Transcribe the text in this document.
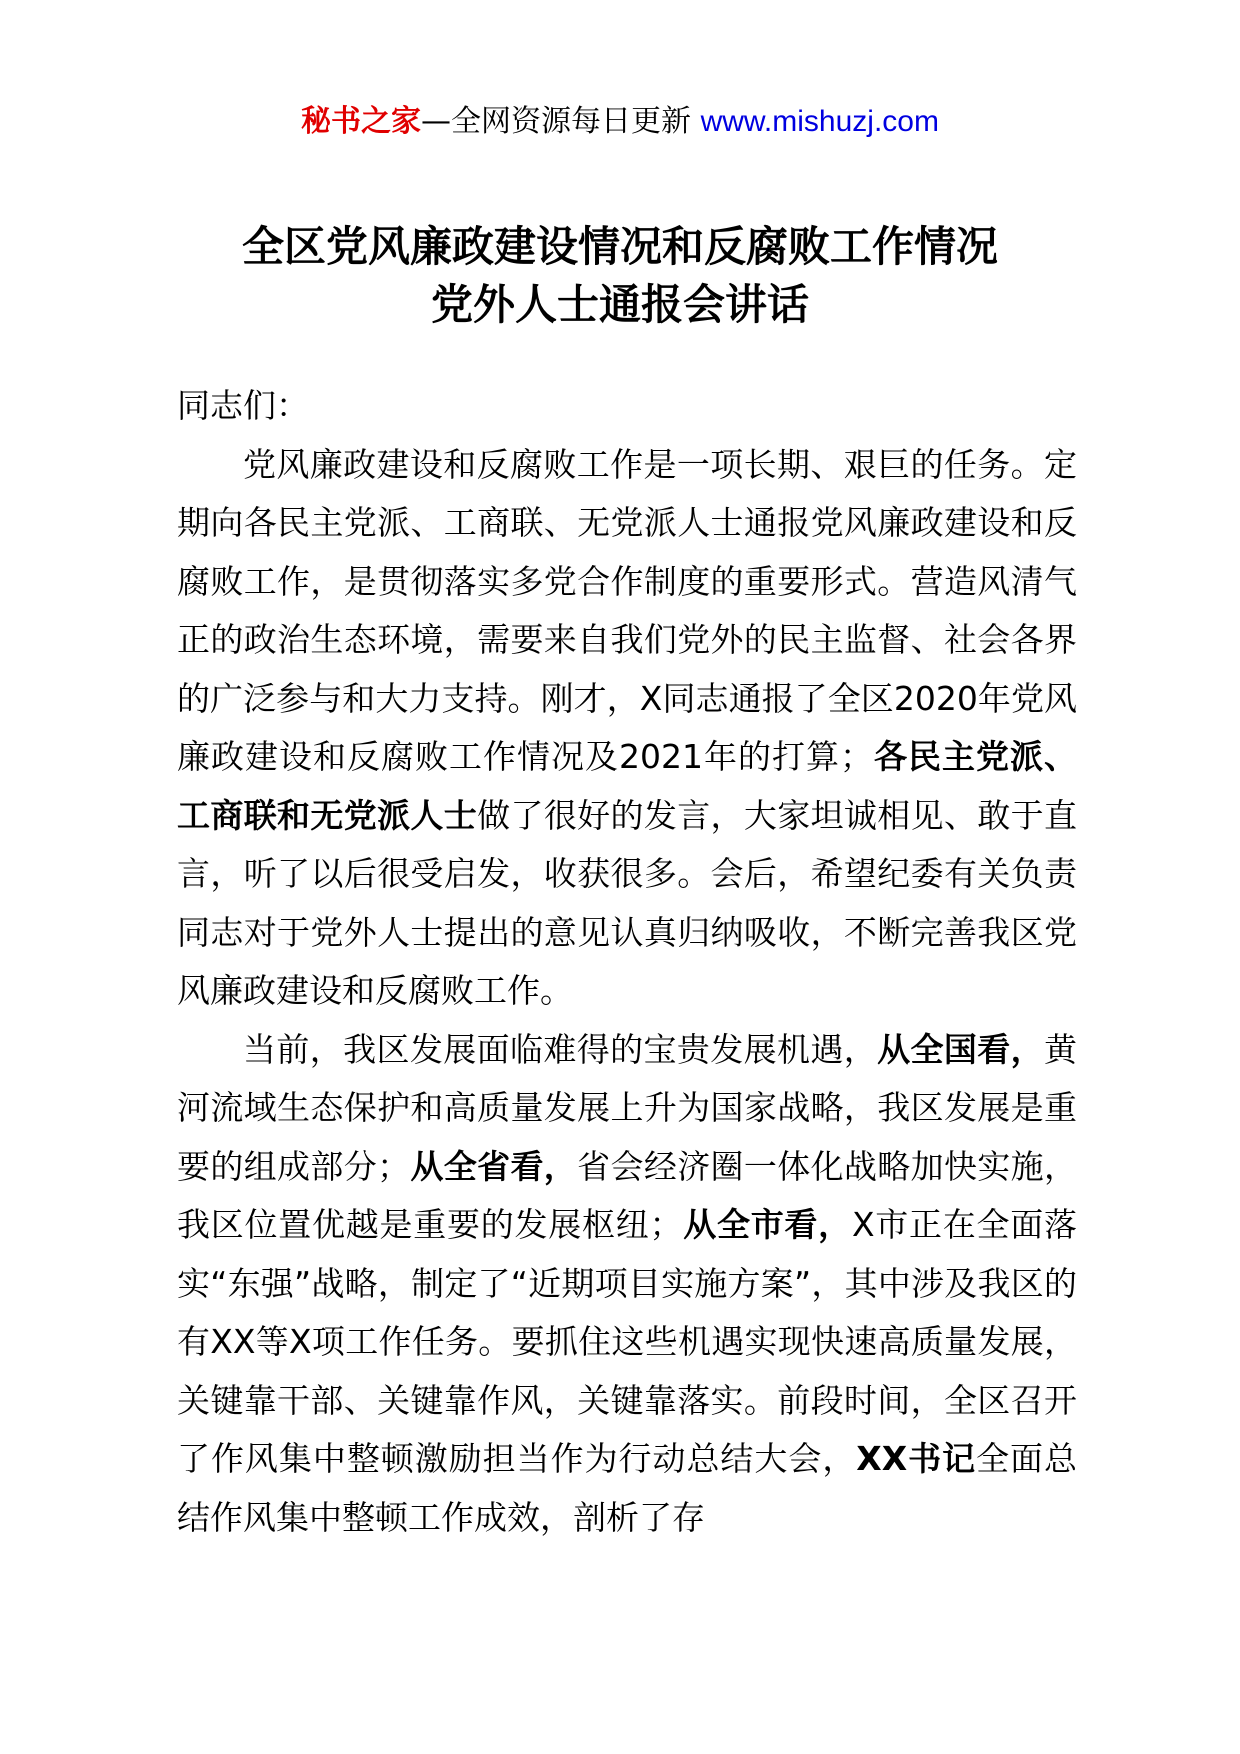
秘书之家—全网资源每日更新 www.mishuzj.com
全区党风廉政建设情况和反腐败工作情况
党外人士通报会讲话

同志们：

党风廉政建设和反腐败工作是一项长期、艰巨的任务。定期向各民主党派、工商联、无党派人士通报党风廉政建设和反腐败工作，是贯彻落实多党合作制度的重要形式。营造风清气正的政治生态环境，需要来自我们党外的民主监督、社会各界的广泛参与和大力支持。刚才，X同志通报了全区2020年党风廉政建设和反腐败工作情况及2021年的打算；各民主党派、工商联和无党派人士做了很好的发言，大家坦诚相见、敢于直言，听了以后很受启发，收获很多。会后，希望纪委有关负责同志对于党外人士提出的意见认真归纳吸收，不断完善我区党风廉政建设和反腐败工作。

当前，我区发展面临难得的宝贵发展机遇，从全国看，黄河流域生态保护和高质量发展上升为国家战略，我区发展是重要的组成部分；从全省看，省会经济圈一体化战略加快实施，我区位置优越是重要的发展枢纽；从全市看，X市正在全面落实“东强”战略，制定了“近期项目实施方案”，其中涉及我区的有XX等X项工作任务。要抓住这些机遇实现快速高质量发展，关键靠干部、关键靠作风，关键靠落实。前段时间，全区召开了作风集中整顿激励担当作为行动总结大会，XX书记全面总结作风集中整顿工作成效，剖析了存
